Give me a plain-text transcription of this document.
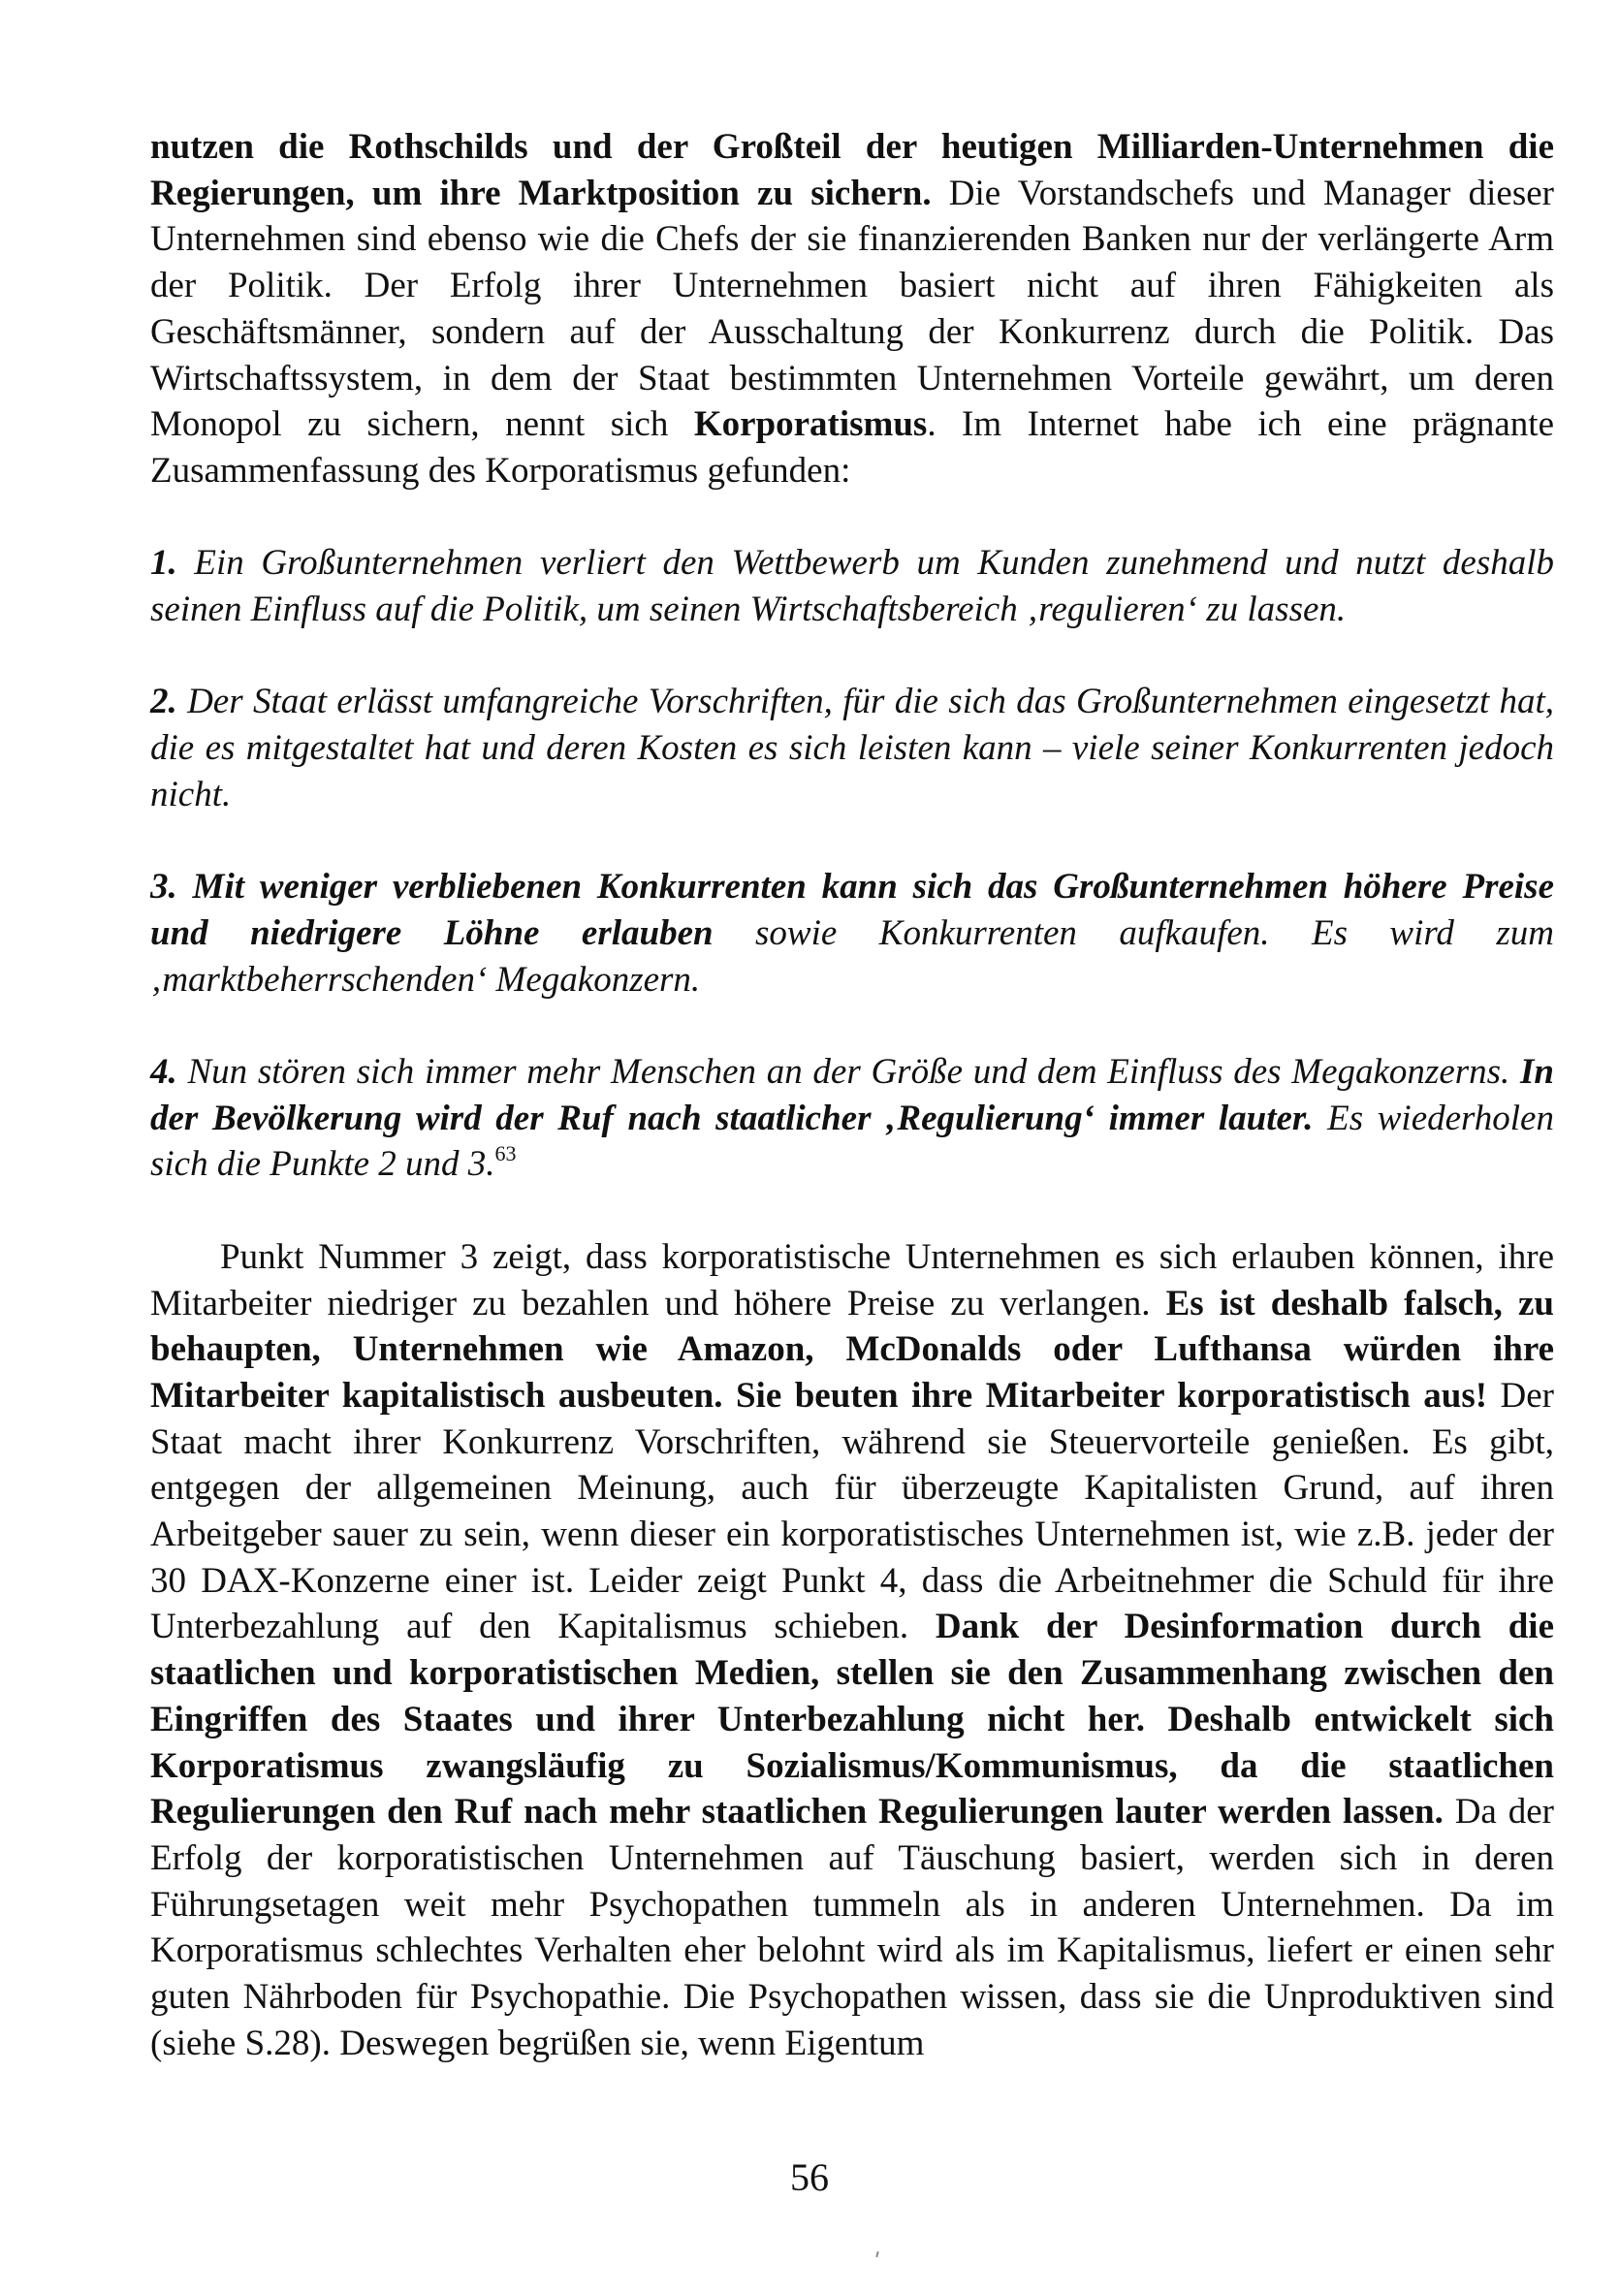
nutzen die Rothschilds und der Großteil der heutigen Milliarden-Unternehmen die Regierungen, um ihre Marktposition zu sichern. Die Vorstandschefs und Manager dieser Unternehmen sind ebenso wie die Chefs der sie finanzierenden Banken nur der verlängerte Arm der Politik. Der Erfolg ihrer Unternehmen basiert nicht auf ihren Fähigkeiten als Geschäftsmänner, sondern auf der Ausschaltung der Konkurrenz durch die Politik. Das Wirtschaftssystem, in dem der Staat bestimmten Unternehmen Vorteile gewährt, um deren Monopol zu sichern, nennt sich Korporatismus. Im Internet habe ich eine prägnante Zusammenfassung des Korporatismus gefunden:

1. Ein Großunternehmen verliert den Wettbewerb um Kunden zunehmend und nutzt deshalb seinen Einfluss auf die Politik, um seinen Wirtschaftsbereich ‚regulieren‘ zu lassen.

2. Der Staat erlässt umfangreiche Vorschriften, für die sich das Großunternehmen eingesetzt hat, die es mitgestaltet hat und deren Kosten es sich leisten kann – viele seiner Konkurrenten jedoch nicht.

3. Mit weniger verbliebenen Konkurrenten kann sich das Großunternehmen höhere Preise und niedrigere Löhne erlauben sowie Konkurrenten aufkaufen. Es wird zum ‚marktbeherrschenden‘ Megakonzern.

4. Nun stören sich immer mehr Menschen an der Größe und dem Einfluss des Megakonzerns. In der Bevölkerung wird der Ruf nach staatlicher ‚Regulierung‘ immer lauter. Es wiederholen sich die Punkte 2 und 3.63

Punkt Nummer 3 zeigt, dass korporatistische Unternehmen es sich erlauben können, ihre Mitarbeiter niedriger zu bezahlen und höhere Preise zu verlangen. Es ist deshalb falsch, zu behaupten, Unternehmen wie Amazon, McDonalds oder Lufthansa würden ihre Mitarbeiter kapitalistisch ausbeuten. Sie beuten ihre Mitarbeiter korporatistisch aus! Der Staat macht ihrer Konkurrenz Vorschriften, während sie Steuervorteile genießen. Es gibt, entgegen der allgemeinen Meinung, auch für überzeugte Kapitalisten Grund, auf ihren Arbeitgeber sauer zu sein, wenn dieser ein korporatistisches Unternehmen ist, wie z.B. jeder der 30 DAX-Konzerne einer ist. Leider zeigt Punkt 4, dass die Arbeitnehmer die Schuld für ihre Unterbezahlung auf den Kapitalismus schieben. Dank der Desinformation durch die staatlichen und korporatistischen Medien, stellen sie den Zusammenhang zwischen den Eingriffen des Staates und ihrer Unterbezahlung nicht her. Deshalb entwickelt sich Korporatismus zwangsläufig zu Sozialismus/Kommunismus, da die staatlichen Regulierungen den Ruf nach mehr staatlichen Regulierungen lauter werden lassen. Da der Erfolg der korporatistischen Unternehmen auf Täuschung basiert, werden sich in deren Führungsetagen weit mehr Psychopathen tummeln als in anderen Unternehmen. Da im Korporatismus schlechtes Verhalten eher belohnt wird als im Kapitalismus, liefert er einen sehr guten Nährboden für Psychopathie. Die Psychopathen wissen, dass sie die Unproduktiven sind (siehe S.28). Deswegen begrüßen sie, wenn Eigentum

56
